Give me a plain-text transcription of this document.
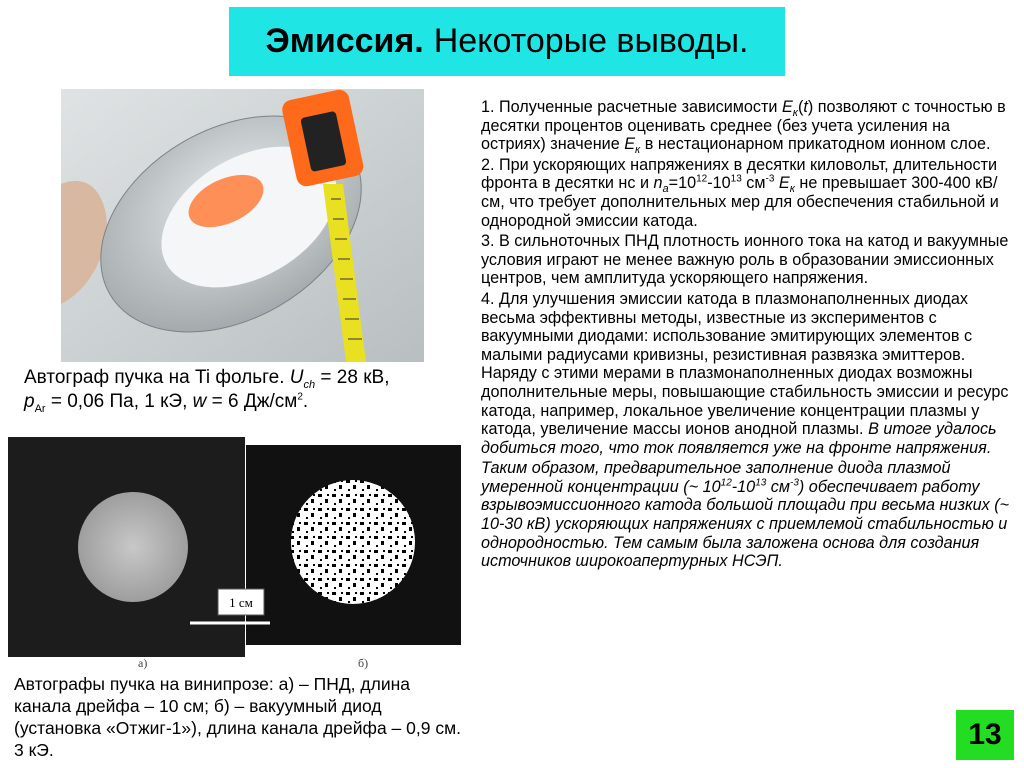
Эмиссия. Некоторые выводы.
Автограф пучка на Ti фольге. $U_{ch} = 28$ кВ,
$p_{Ar} = 0,06$ Па, 1 кЭ, w = 6 $Дж/см^2$.
1 см
а)	б)
Автографы пучка на винипрозе: а) – ПНД, длина канала дрейфа – 10 см; б) – вакуумный диод (установка «Отжиг-1»), длина канала дрейфа – 0,9 см. 3 кЭ.

1. Полученные расчетные зависимости $E_к(t)$ позволяют с точностью в десятки процентов оценивать среднее (без учета усиления на остриях) значение $E_к$ в нестационарном прикатодном ионном слое.

2. При ускоряющих напряжениях в десятки киловольт, длительности фронта в десятки нс и $n_a=10^{12}-10^{13}$ $см^{-3}$ $E_к$ не превышает 300-400 кВ/см, что требует дополнительных мер для обеспечения стабильной и однородной эмиссии катода.

3. В сильноточных ПНД плотность ионного тока на катод и вакуумные условия играют не менее важную роль в образовании эмиссионных центров, чем амплитуда ускоряющего напряжения.

4. Для улучшения эмиссии катода в плазмонаполненных диодах весьма эффективны методы, известные из экспериментов с вакуумными диодами: использование эмитирующих элементов с малыми радиусами кривизны, резистивная развязка эмиттеров. Наряду с этими мерами в плазмонаполненных диодах возможны дополнительные меры, повышающие стабильность эмиссии и ресурс катода, например, локальное увеличение концентрации плазмы у катода, увеличение массы ионов анодной плазмы. В итоге удалось добиться того, что ток появляется уже на фронте напряжения.

Таким образом, предварительное заполнение диода плазмой умеренной концентрации (~ $10^{12}-10^{13}$ $см^{-3}$) обеспечивает работу взрывоэмиссионного катода большой площади при весьма низких (~ 10-30 кВ) ускоряющих напряжениях с приемлемой стабильностью и однородностью. Тем самым была заложена основа для создания источников широкоапертурных НСЭП.

13
